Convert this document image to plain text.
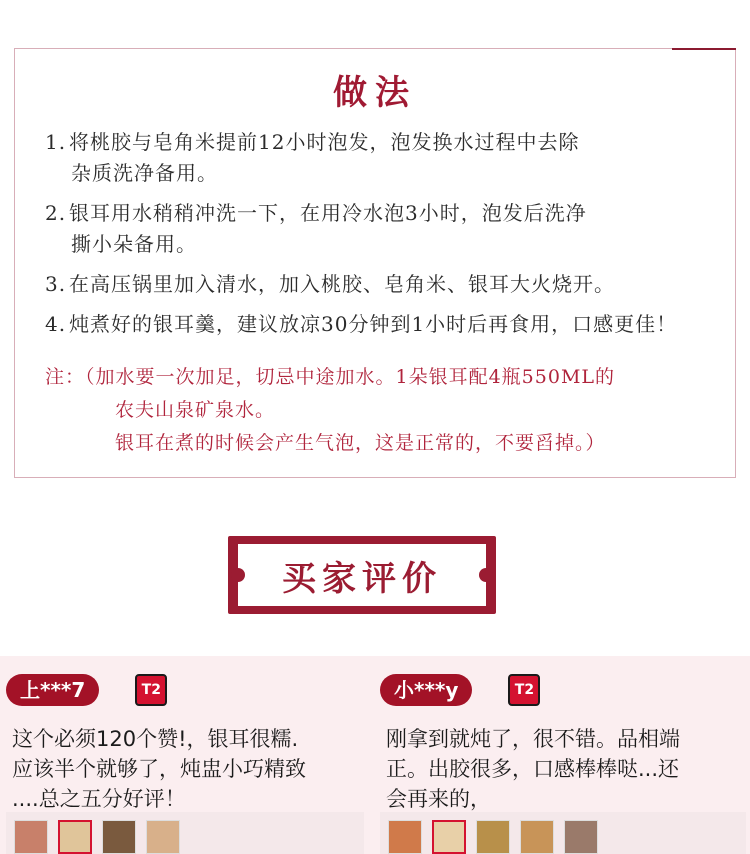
做法
1. 将桃胶与皂角米提前12小时泡发，泡发换水过程中去除
杂质洗净备用。
2. 银耳用水稍稍冲洗一下，在用冷水泡3小时，泡发后洗净
撕小朵备用。
3. 在高压锅里加入清水，加入桃胶、皂角米、银耳大火烧开。
4. 炖煮好的银耳羹，建议放凉30分钟到1小时后再食用，口感更佳！
注：（加水要一次加足，切忌中途加水。1朵银耳配4瓶550ML的
农夫山泉矿泉水。
银耳在煮的时候会产生气泡，这是正常的，不要舀掉。）
买家评价
上***7	T2
这个必须120个赞!，银耳很糯.
应该半个就够了，炖盅小巧精致
....总之五分好评！
小***y	T2
刚拿到就炖了，很不错。品相端
正。出胶很多，口感棒棒哒...还
会再来的，
